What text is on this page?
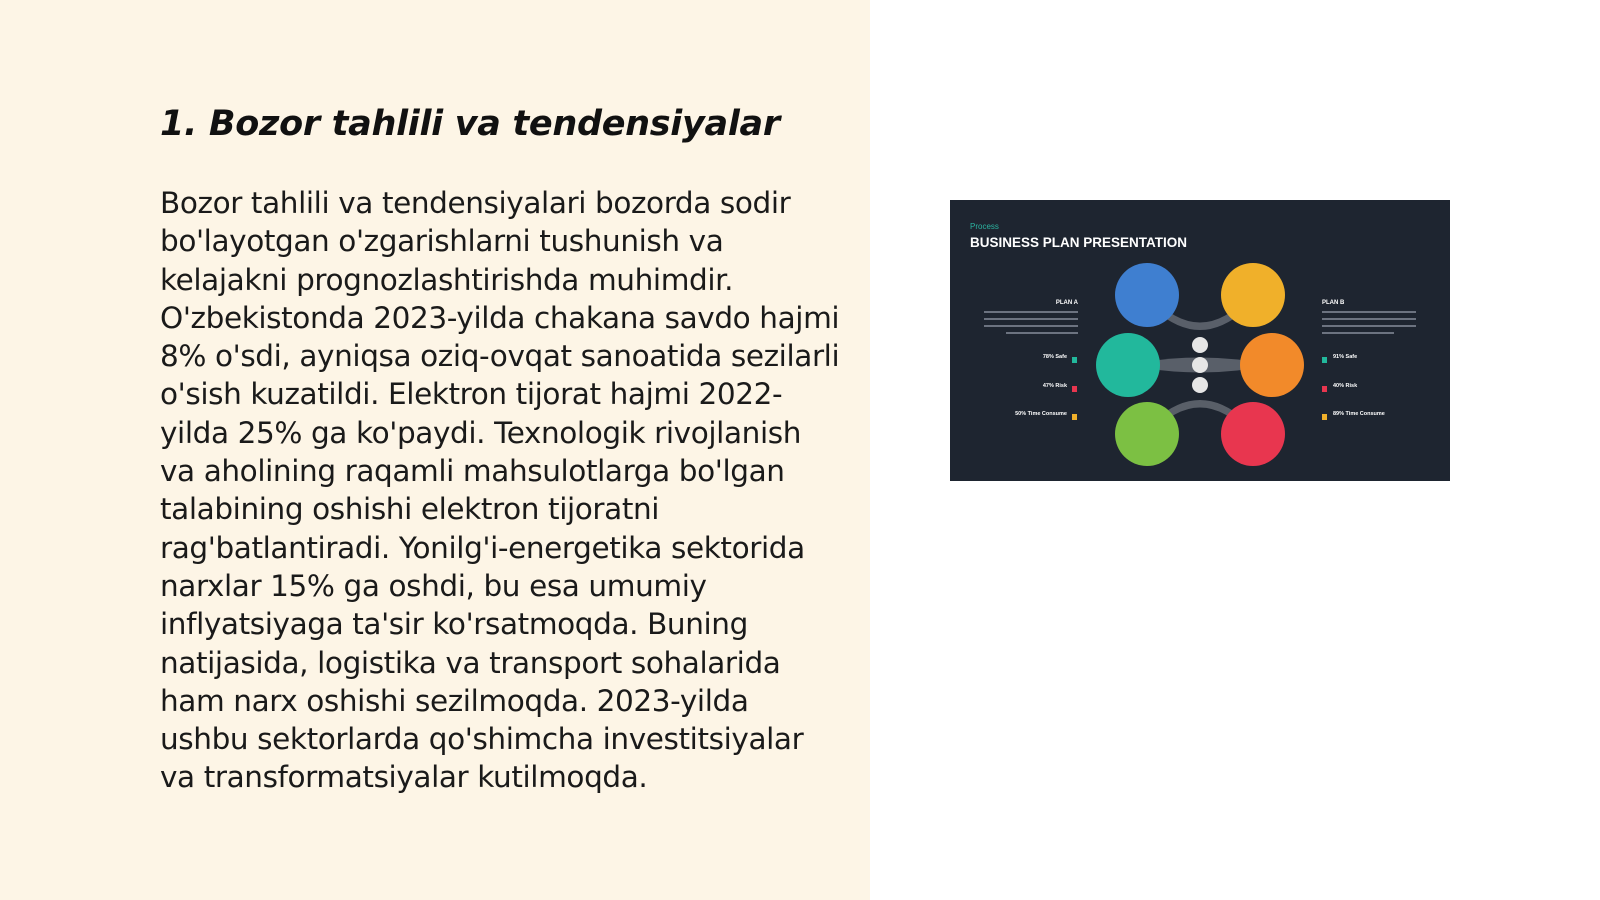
1. Bozor tahlili va tendensiyalar

Bozor tahlili va tendensiyalari bozorda sodir bo'layotgan o'zgarishlarni tushunish va kelajakni prognozlashtirishda muhimdir. O'zbekistonda 2023-yilda chakana savdo hajmi 8% o'sdi, ayniqsa oziq-ovqat sanoatida sezilarli o'sish kuzatildi. Elektron tijorat hajmi 2022-yilda 25% ga ko'paydi. Texnologik rivojlanish va aholining raqamli mahsulotlarga bo'lgan talabining oshishi elektron tijoratni rag'batlantiradi. Yonilg'i-energetika sektorida narxlar 15% ga oshdi, bu esa umumiy inflyatsiyaga ta'sir ko'rsatmoqda. Buning natijasida, logistika va transport sohalarida ham narx oshishi sezilmoqda. 2023-yilda ushbu sektorlarda qo'shimcha investitsiyalar va transformatsiyalar kutilmoqda.

Process
BUSINESS PLAN PRESENTATION
PLAN A
78% Safe
47% Risk
50% Time Consume
PLAN B
91% Safe
40% Risk
89% Time Consume
